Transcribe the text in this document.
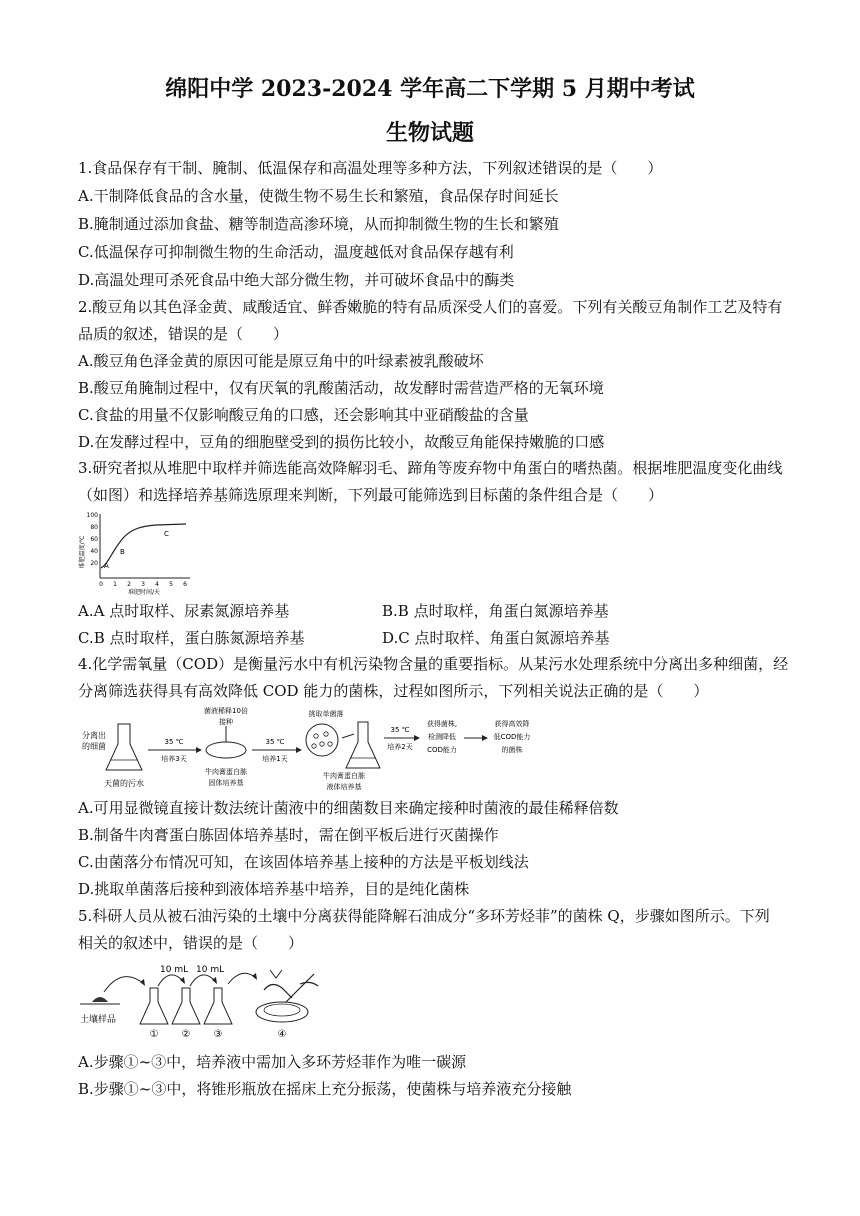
绵阳中学 2023-2024 学年高二下学期 5 月期中考试
生物试题
1.食品保存有干制、腌制、低温保存和高温处理等多种方法，下列叙述错误的是（　　）
A.干制降低食品的含水量，使微生物不易生长和繁殖，食品保存时间延长
B.腌制通过添加食盐、糖等制造高渗环境，从而抑制微生物的生长和繁殖
C.低温保存可抑制微生物的生命活动，温度越低对食品保存越有利
D.高温处理可杀死食品中绝大部分微生物，并可破坏食品中的酶类
2.酸豆角以其色泽金黄、咸酸适宜、鲜香嫩脆的特有品质深受人们的喜爱。下列有关酸豆角制作工艺及特有
品质的叙述，错误的是（　　）
A.酸豆角色泽金黄的原因可能是原豆角中的叶绿素被乳酸破坏
B.酸豆角腌制过程中，仅有厌氧的乳酸菌活动，故发酵时需营造严格的无氧环境
C.食盐的用量不仅影响酸豆角的口感，还会影响其中亚硝酸盐的含量
D.在发酵过程中，豆角的细胞壁受到的损伤比较小，故酸豆角能保持嫩脆的口感
3.研究者拟从堆肥中取样并筛选能高效降解羽毛、蹄角等废弃物中角蛋白的嗜热菌。根据堆肥温度变化曲线
（如图）和选择培养基筛选原理来判断，下列最可能筛选到目标菌的条件组合是（　　）
堆肥温度/℃
100
80
60
40
20
0 1 2 3 4 5 6
A
B
C
堆肥时间/天
A.A 点时取样、尿素氮源培养基	B.B 点时取样，角蛋白氮源培养基
C.B 点时取样，蛋白胨氮源培养基	D.C 点时取样、角蛋白氮源培养基
4.化学需氧量（COD）是衡量污水中有机污染物含量的重要指标。从某污水处理系统中分离出多种细菌，经
分离筛选获得具有高效降低 COD 能力的菌株，过程如图所示，下列相关说法正确的是（　　）
分离出
的细菌
天菌的污水
35 ℃
培养3天
菌液稀释10倍
接种
牛肉膏蛋白胨
固体培养基
35 ℃
培养1天
挑取单菌落
牛肉膏蛋白胨
液体培养基
35 ℃
培养2天
获得菌株,
检测降低
COD能力
获得高效降
低COD能力
的菌株
A.可用显微镜直接计数法统计菌液中的细菌数目来确定接种时菌液的最佳稀释倍数
B.制备牛肉膏蛋白胨固体培养基时，需在倒平板后进行灭菌操作
C.由菌落分布情况可知，在该固体培养基上接种的方法是平板划线法
D.挑取单菌落后接种到液体培养基中培养，目的是纯化菌株
5.科研人员从被石油污染的土壤中分离获得能降解石油成分“多环芳烃菲”的菌株 Q，步骤如图所示。下列
相关的叙述中，错误的是（　　）
土壤样品
①
10 mL
②
10 mL
③	④
A.步骤①~③中，培养液中需加入多环芳烃菲作为唯一碳源
B.步骤①~③中，将锥形瓶放在摇床上充分振荡，使菌株与培养液充分接触
